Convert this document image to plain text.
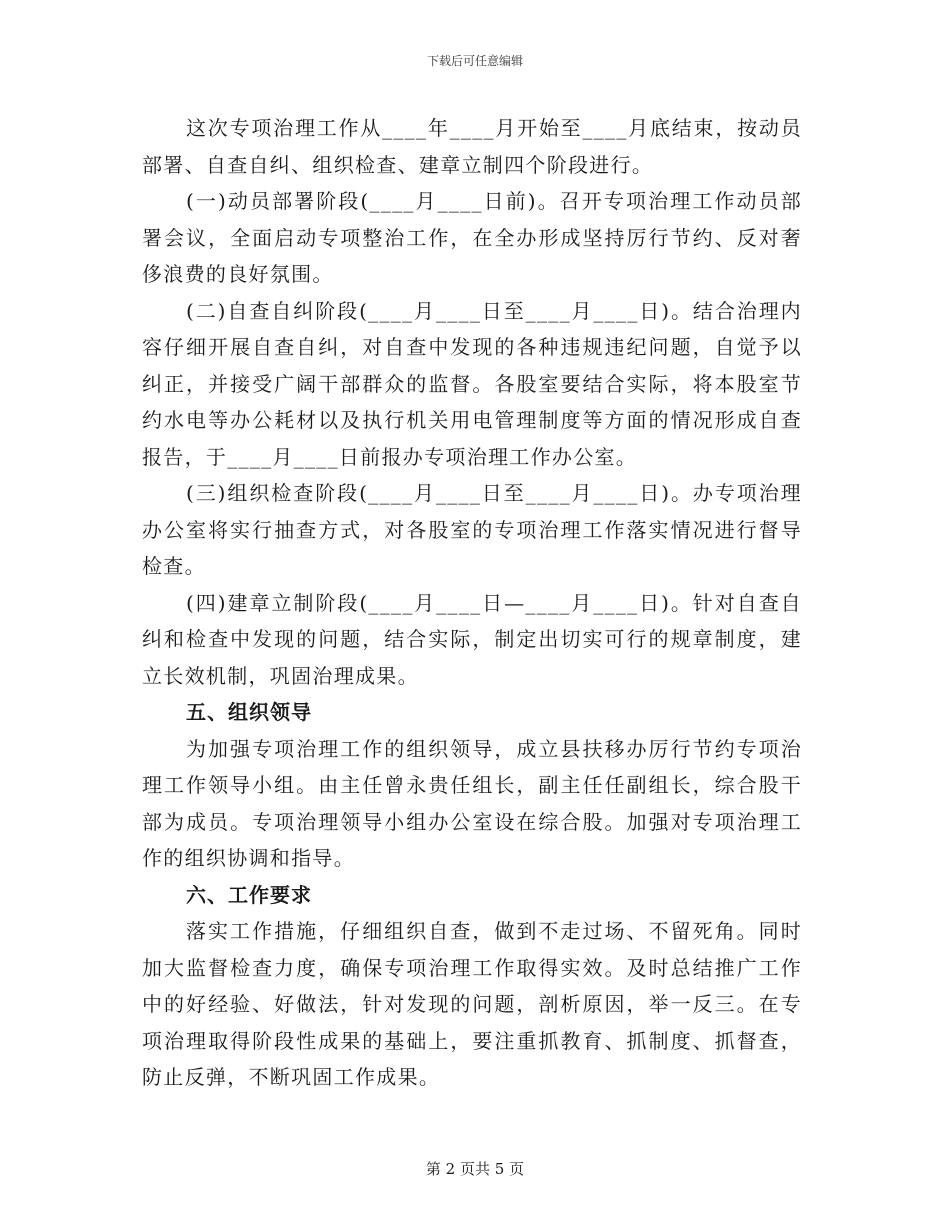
下载后可任意编辑

这次专项治理工作从____年____月开始至____月底结束，按动员部署、自查自纠、组织检查、建章立制四个阶段进行。

(一)动员部署阶段(____月____日前)。召开专项治理工作动员部署会议，全面启动专项整治工作，在全办形成坚持厉行节约、反对奢侈浪费的良好氛围。

(二)自查自纠阶段(____月____日至____月____日)。结合治理内容仔细开展自查自纠，对自查中发现的各种违规违纪问题，自觉予以纠正，并接受广阔干部群众的监督。各股室要结合实际，将本股室节约水电等办公耗材以及执行机关用电管理制度等方面的情况形成自查报告，于____月____日前报办专项治理工作办公室。

(三)组织检查阶段(____月____日至____月____日)。办专项治理办公室将实行抽查方式，对各股室的专项治理工作落实情况进行督导检查。

(四)建章立制阶段(____月____日—____月____日)。针对自查自纠和检查中发现的问题，结合实际，制定出切实可行的规章制度，建立长效机制，巩固治理成果。

五、组织领导

为加强专项治理工作的组织领导，成立县扶移办厉行节约专项治理工作领导小组。由主任曾永贵任组长，副主任任副组长，综合股干部为成员。专项治理领导小组办公室设在综合股。加强对专项治理工作的组织协调和指导。

六、工作要求

落实工作措施，仔细组织自查，做到不走过场、不留死角。同时加大监督检查力度，确保专项治理工作取得实效。及时总结推广工作中的好经验、好做法，针对发现的问题，剖析原因，举一反三。在专项治理取得阶段性成果的基础上，要注重抓教育、抓制度、抓督查，防止反弹，不断巩固工作成果。

第 2 页共 5 页
